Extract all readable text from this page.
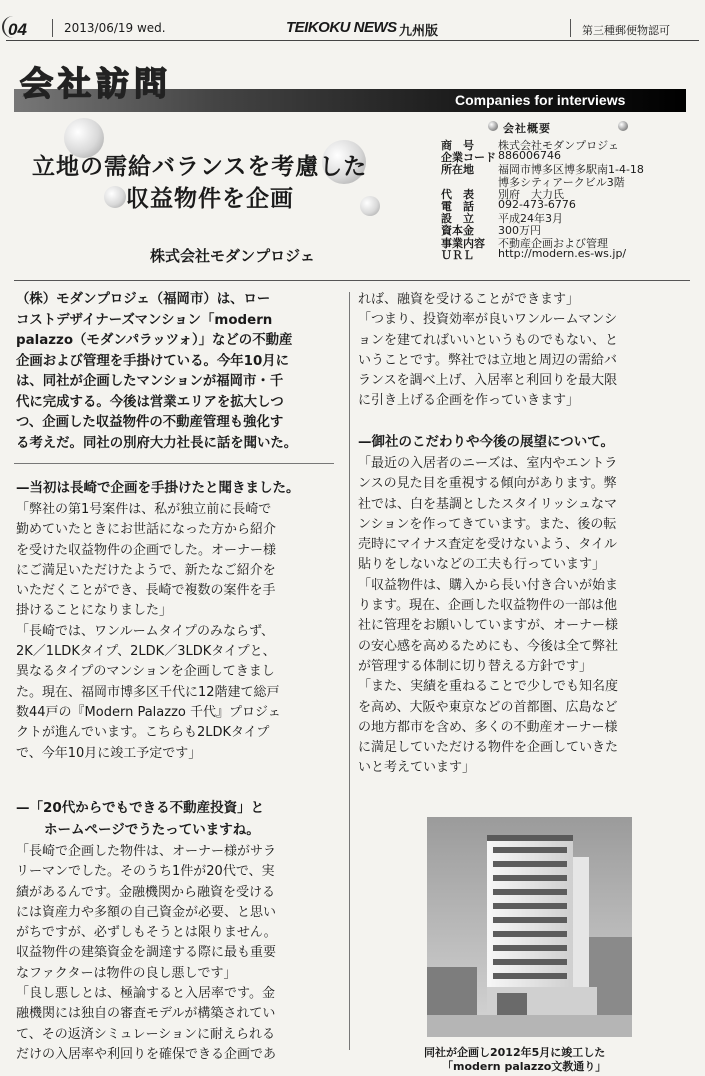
04	2013/06/19 wed.	TEIKOKU NEWS 九州版	第三種郵便物認可
Companies for interviews
会社訪問
立地の需給バランスを考慮した
収益物件を企画
株式会社モダンプロジェ
会社概要
商　号 株式会社モダンプロジェ
企業コード 886006746
所在地 福岡市博多区博多駅南1-4-18
博多シティアークビル3階
代　表 別府　大力氏
電　話 092-473-6776
設　立 平成24年3月
資本金 300万円
事業内容 不動産企画および管理
ＵＲＬ http://modern.es-ws.jp/
（株）モダンプロジェ（福岡市）は、ロー
コストデザイナーズマンション「modern
palazzo（モダンパラッツォ）」などの不動産
企画および管理を手掛けている。今年10月に
は、同社が企画したマンションが福岡市・千
代に完成する。今後は営業エリアを拡大しつ
つ、企画した収益物件の不動産管理も強化す
る考えだ。同社の別府大力社長に話を聞いた。
—当初は長崎で企画を手掛けたと聞きました。
「弊社の第1号案件は、私が独立前に長崎で
勤めていたときにお世話になった方から紹介
を受けた収益物件の企画でした。オーナー様
にご満足いただけたようで、新たなご紹介を
いただくことができ、長崎で複数の案件を手
掛けることになりました」
「長崎では、ワンルームタイプのみならず、
2K／1LDKタイプ、2LDK／3LDKタイプと、
異なるタイプのマンションを企画してきまし
た。現在、福岡市博多区千代に12階建て総戸
数44戸の『Modern Palazzo 千代』プロジェ
クトが進んでいます。こちらも2LDKタイプ
で、今年10月に竣工予定です」
—「20代からでもできる不動産投資」と
ホームページでうたっていますね。
「長崎で企画した物件は、オーナー様がサラ
リーマンでした。そのうち1件が20代で、実
績があるんです。金融機関から融資を受ける
には資産力や多額の自己資金が必要、と思い
がちですが、必ずしもそうとは限りません。
収益物件の建築資金を調達する際に最も重要
なファクターは物件の良し悪しです」
「良し悪しとは、極論すると入居率です。金
融機関には独自の審査モデルが構築されてい
て、その返済シミュレーションに耐えられる
だけの入居率や利回りを確保できる企画であ
れば、融資を受けることができます」
「つまり、投資効率が良いワンルームマンシ
ョンを建てればいいというものでもない、と
いうことです。弊社では立地と周辺の需給バ
ランスを調べ上げ、入居率と利回りを最大限
に引き上げる企画を作っていきます」
—御社のこだわりや今後の展望について。
「最近の入居者のニーズは、室内やエントラ
ンスの見た目を重視する傾向があります。弊
社では、白を基調としたスタイリッシュなマ
ンションを作ってきています。また、後の転
売時にマイナス査定を受けないよう、タイル
貼りをしないなどの工夫も行っています」
「収益物件は、購入から長い付き合いが始ま
ります。現在、企画した収益物件の一部は他
社に管理をお願いしていますが、オーナー様
の安心感を高めるためにも、今後は全て弊社
が管理する体制に切り替える方針です」
「また、実績を重ねることで少しでも知名度
を高め、大阪や東京などの首都圏、広島など
の地方都市を含め、多くの不動産オーナー様
に満足していただける物件を企画していきた
いと考えています」
同社が企画し2012年5月に竣工した
「modern palazzo文教通り」
